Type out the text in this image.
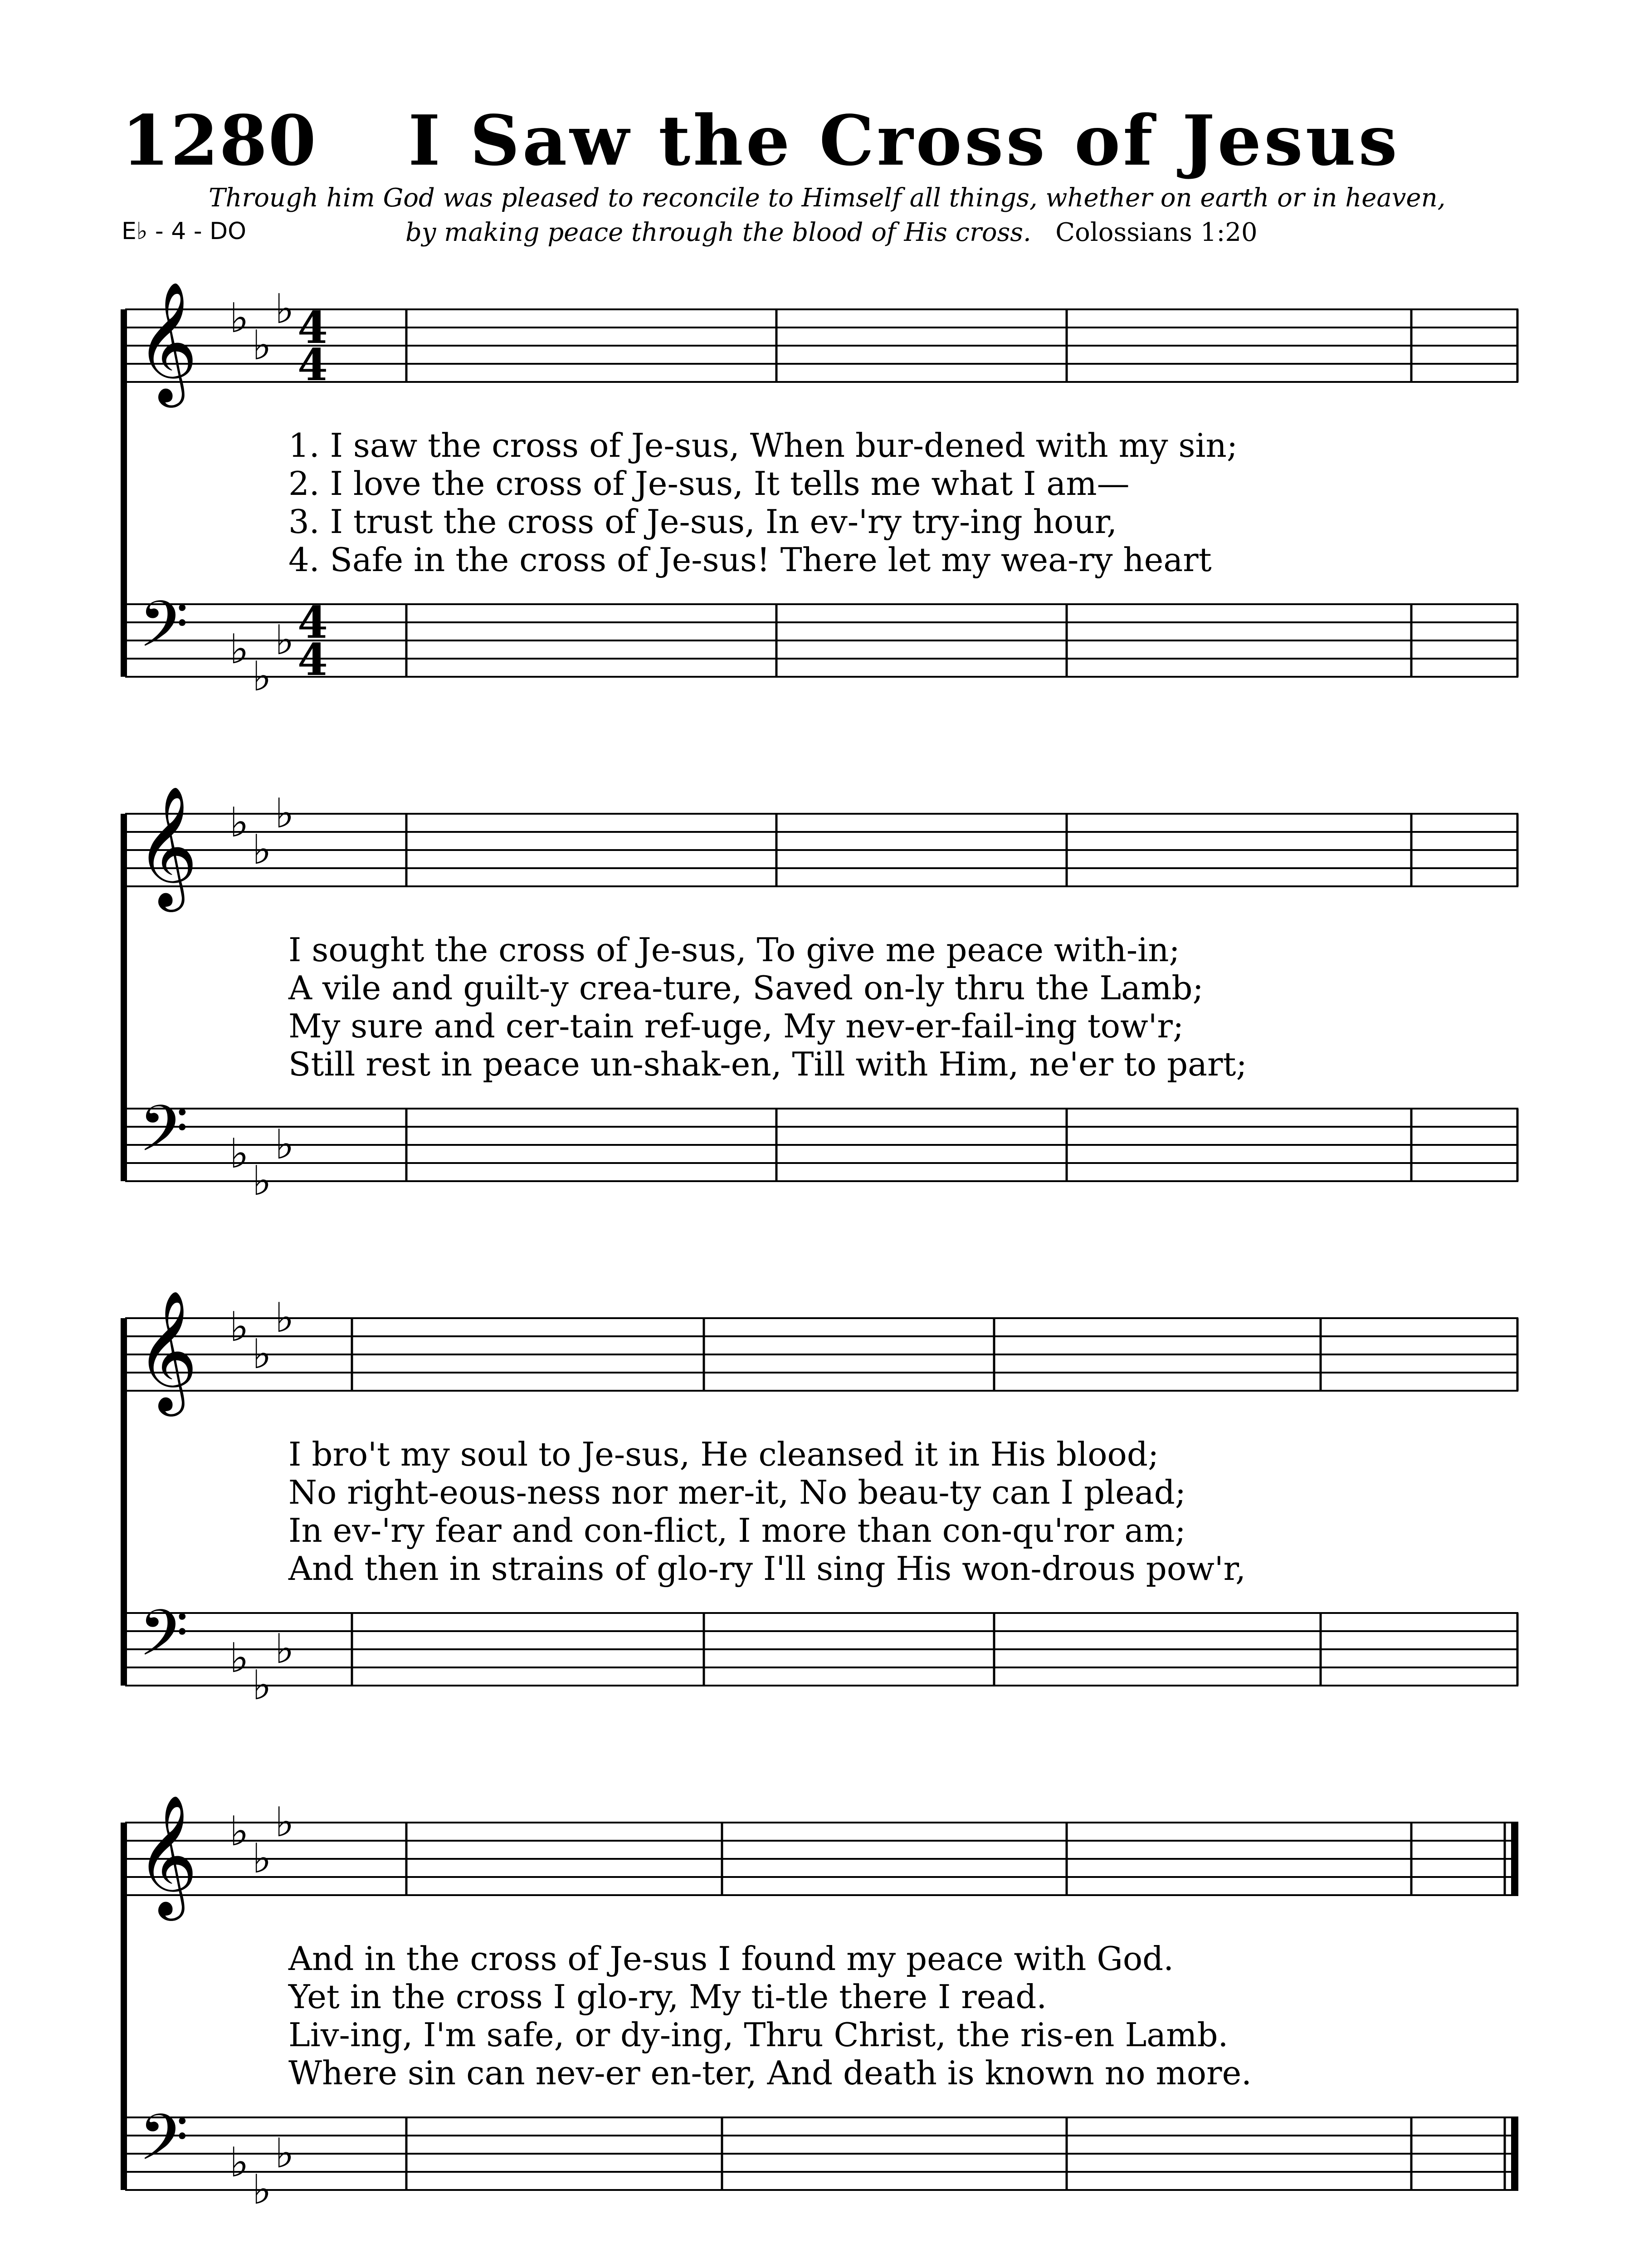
1280 I Saw the Cross of Jesus
Through him God was pleased to reconcile to Himself all things, whether on earth or in heaven,
by making peace through the blood of His cross. Colossians 1:20
E♭ - 4 - DO
𝄞
𝄢
♭
♭
♭
♭
♭
♭
4
4
4
4
1. I saw the cross of Je-sus, When bur-dened with my sin;
2. I love the cross of Je-sus, It tells me what I am—
3. I trust the cross of Je-sus, In ev-'ry try-ing hour,
4. Safe in the cross of Je-sus! There let my wea-ry heart
𝄞
𝄢
♭
♭
♭
♭
♭
♭
I sought the cross of Je-sus, To give me peace with-in;
A vile and guilt-y crea-ture, Saved on-ly thru the Lamb;
My sure and cer-tain ref-uge, My nev-er-fail-ing tow'r;
Still rest in peace un-shak-en, Till with Him, ne'er to part;
𝄞
𝄢
♭
♭
♭
♭
♭
♭
I bro't my soul to Je-sus, He cleansed it in His blood;
No right-eous-ness nor mer-it, No beau-ty can I plead;
In ev-'ry fear and con-flict, I more than con-qu'ror am;
And then in strains of glo-ry I'll sing His won-drous pow'r,
𝄞
𝄢
♭
♭
♭
♭
♭
♭
And in the cross of Je-sus I found my peace with God.
Yet in the cross I glo-ry, My ti-tle there I read.
Liv-ing, I'm safe, or dy-ing, Thru Christ, the ris-en Lamb.
Where sin can nev-er en-ter, And death is known no more.
